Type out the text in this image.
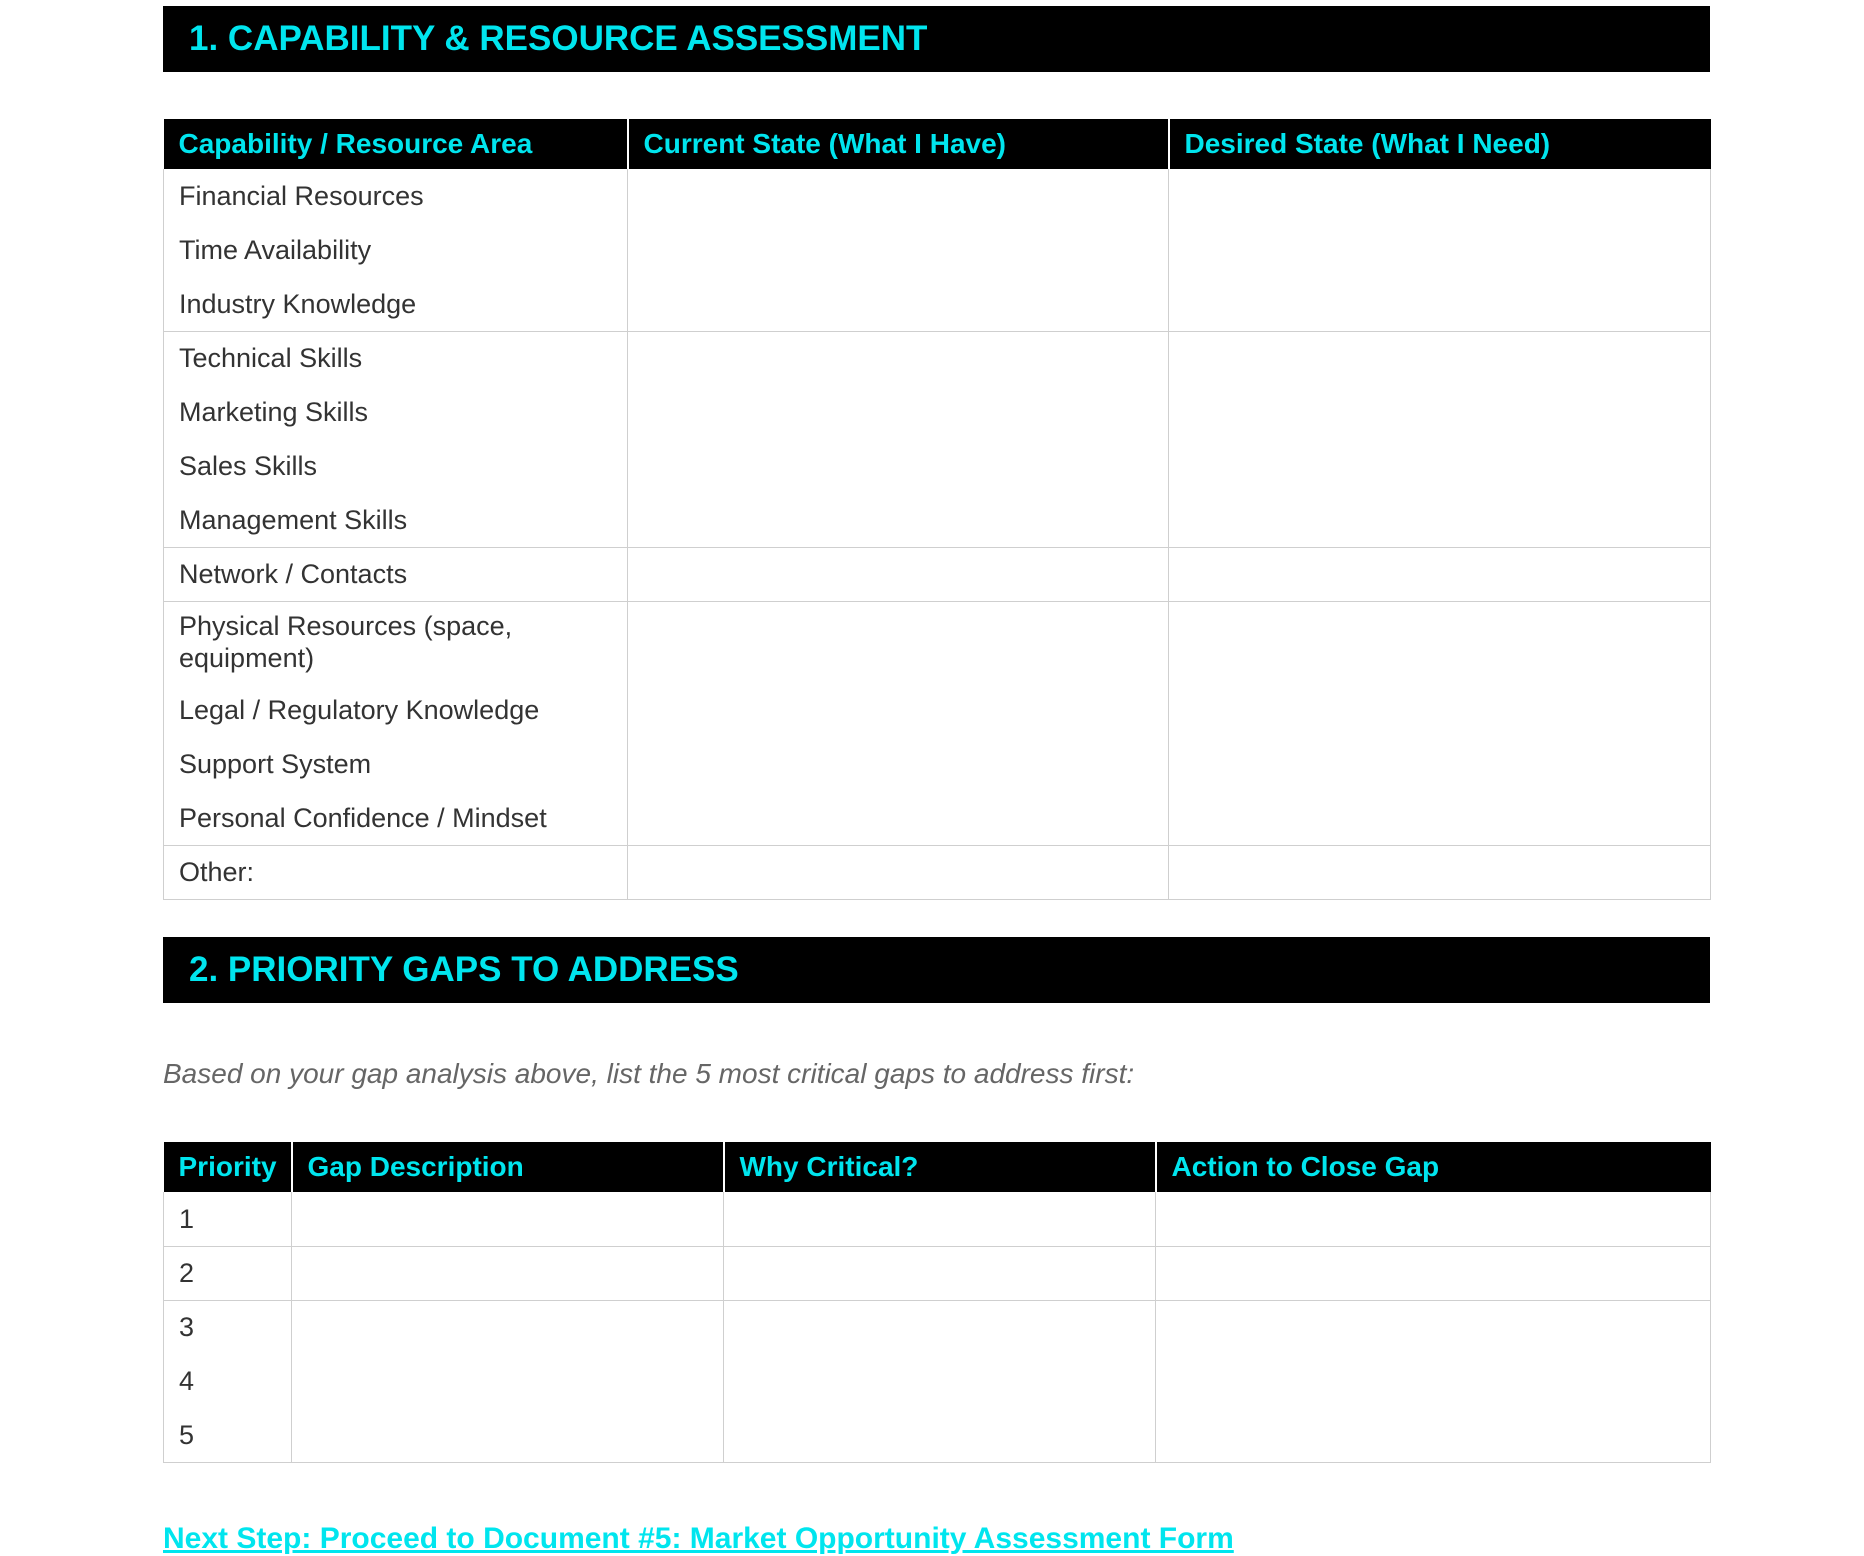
1. CAPABILITY & RESOURCE ASSESSMENT
Capability / Resource Area	Current State (What I Have)	Desired State (What I Need)
Financial Resources		
Time Availability		
Industry Knowledge		
Technical Skills		
Marketing Skills		
Sales Skills		
Management Skills		
Network / Contacts		
Physical Resources (space, equipment)		
Legal / Regulatory Knowledge		
Support System		
Personal Confidence / Mindset		
Other:		
2. PRIORITY GAPS TO ADDRESS
Based on your gap analysis above, list the 5 most critical gaps to address first:
Priority	Gap Description	Why Critical?	Action to Close Gap
1			
2			
3			
4			
5			
Next Step: Proceed to Document #5: Market Opportunity Assessment Form
